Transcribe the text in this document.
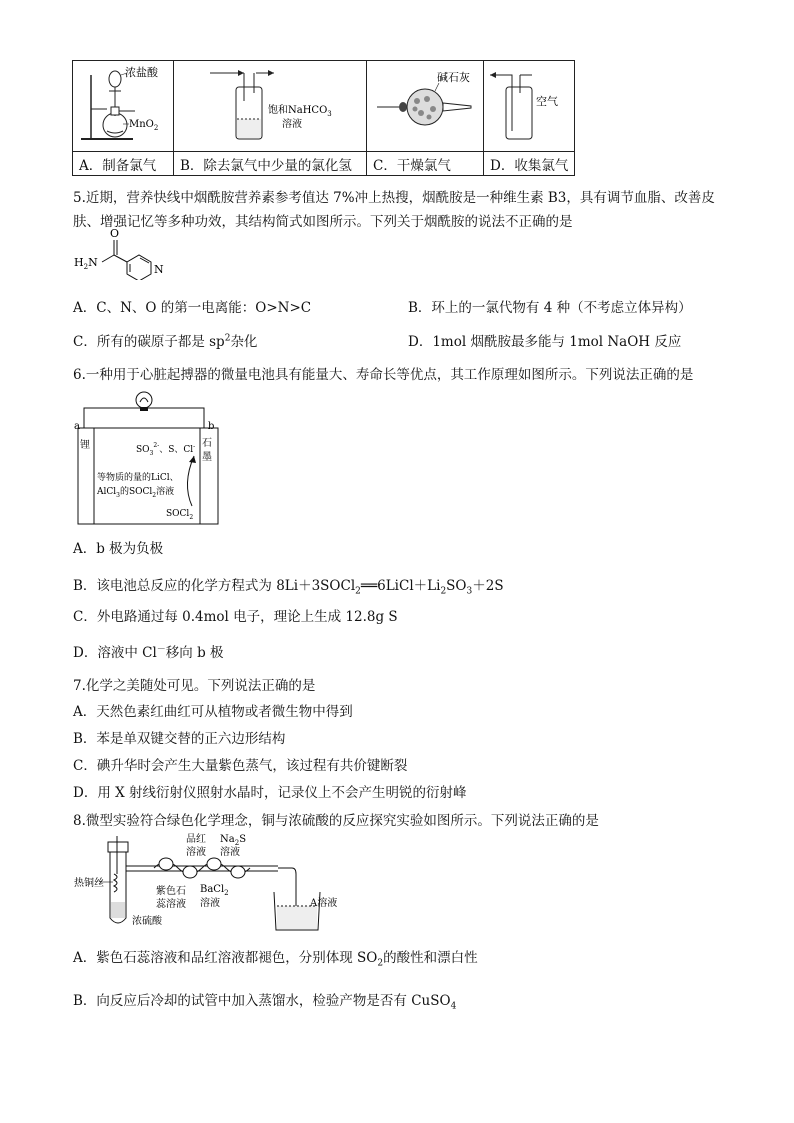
浓盐酸
MnO$_2$	饱和NaHCO$_3$
溶液	碱石灰	空气

A．制备氯气	B．除去氯气中少量的氯化氢	C．干燥氯气	D．收集氯气
5.近期，营养快线中烟酰胺营养素参考值达 7%冲上热搜，烟酰胺是一种维生素 B3，具有调节血脂、改善皮
肤、增强记忆等多种功效，其结构简式如图所示。下列关于烟酰胺的说法不正确的是
$H_2N$
O
N
A．C、N、O 的第一电离能：O>N>C	B．环上的一氯代物有 4 种（不考虑立体异构）
C．所有的碳原子都是 $sp^2$杂化	D．1mol 烟酰胺最多能与 1mol NaOH 反应
6.一种用于心脏起搏器的微量电池具有能量大、寿命长等优点，其工作原理如图所示。下列说法正确的是
a	b
锂	石
墨
$SO_3^{2-}$、S、Cl-
等物质的量的LiCl、
AlCl$_3$的SOCl$_2$溶液
SOCl$_2$
A．b 极为负极
B．该电池总反应的化学方程式为 $8Li+3SOCl_2══6LiCl+Li_2SO_3+2S$
C．外电路通过每 0.4mol 电子，理论上生成 12.8g S
D．溶液中 Cl－移向 b 极
7.化学之美随处可见。下列说法正确的是
A．天然色素红曲红可从植物或者微生物中得到
B．苯是单双键交替的正六边形结构
C．碘升华时会产生大量紫色蒸气，该过程有共价键断裂
D．用 X 射线衍射仪照射水晶时，记录仪上不会产生明锐的衍射峰
8.微型实验符合绿色化学理念，铜与浓硫酸的反应探究实验如图所示。下列说法正确的是
热铜丝
浓硫酸
品红
溶液
$Na_2S$
溶液
紫色石
蕊溶液
BaCl$_2$
溶液	A溶液
A．紫色石蕊溶液和品红溶液都褪色，分别体现 $SO_2$的酸性和漂白性
B．向反应后冷却的试管中加入蒸馏水，检验产物是否有 CuSO$_4$
